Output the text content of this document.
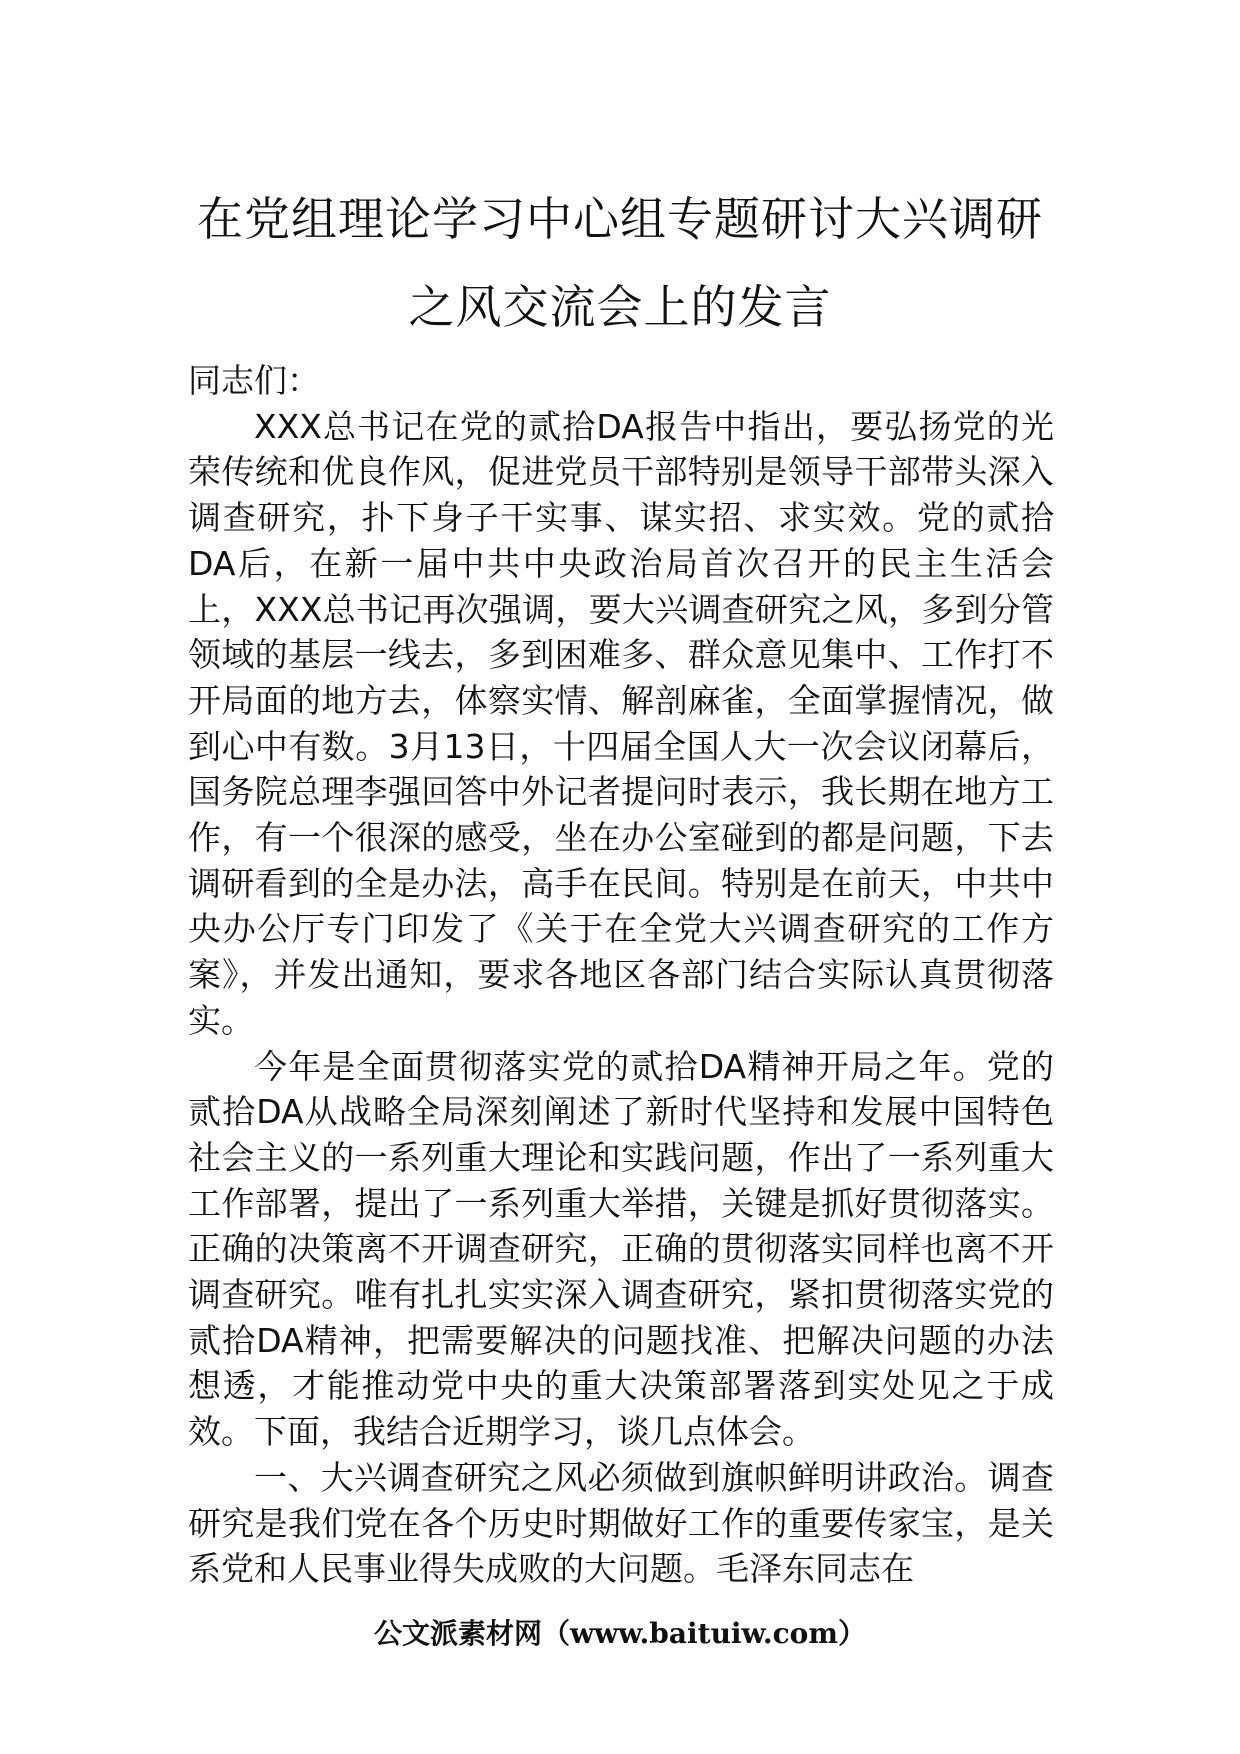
在党组理论学习中心组专题研讨大兴调研
之风交流会上的发言

同志们：

XXX总书记在党的贰拾DA报告中指出，要弘扬党的光荣传统和优良作风，促进党员干部特别是领导干部带头深入调查研究，扑下身子干实事、谋实招、求实效。党的贰拾DA后，在新一届中共中央政治局首次召开的民主生活会上，XXX总书记再次强调，要大兴调查研究之风，多到分管领域的基层一线去，多到困难多、群众意见集中、工作打不开局面的地方去，体察实情、解剖麻雀，全面掌握情况，做到心中有数。3月13日，十四届全国人大一次会议闭幕后，国务院总理李强回答中外记者提问时表示，我长期在地方工作，有一个很深的感受，坐在办公室碰到的都是问题，下去调研看到的全是办法，高手在民间。特别是在前天，中共中央办公厅专门印发了《关于在全党大兴调查研究的工作方案》，并发出通知，要求各地区各部门结合实际认真贯彻落实。

今年是全面贯彻落实党的贰拾DA精神开局之年。党的贰拾DA从战略全局深刻阐述了新时代坚持和发展中国特色社会主义的一系列重大理论和实践问题，作出了一系列重大工作部署，提出了一系列重大举措，关键是抓好贯彻落实。正确的决策离不开调查研究，正确的贯彻落实同样也离不开调查研究。唯有扎扎实实深入调查研究，紧扣贯彻落实党的贰拾DA精神，把需要解决的问题找准、把解决问题的办法想透，才能推动党中央的重大决策部署落到实处见之于成效。下面，我结合近期学习，谈几点体会。

一、大兴调查研究之风必须做到旗帜鲜明讲政治。调查研究是我们党在各个历史时期做好工作的重要传家宝，是关系党和人民事业得失成败的大问题。毛泽东同志在

公文派素材网（www.baituiw.com）
